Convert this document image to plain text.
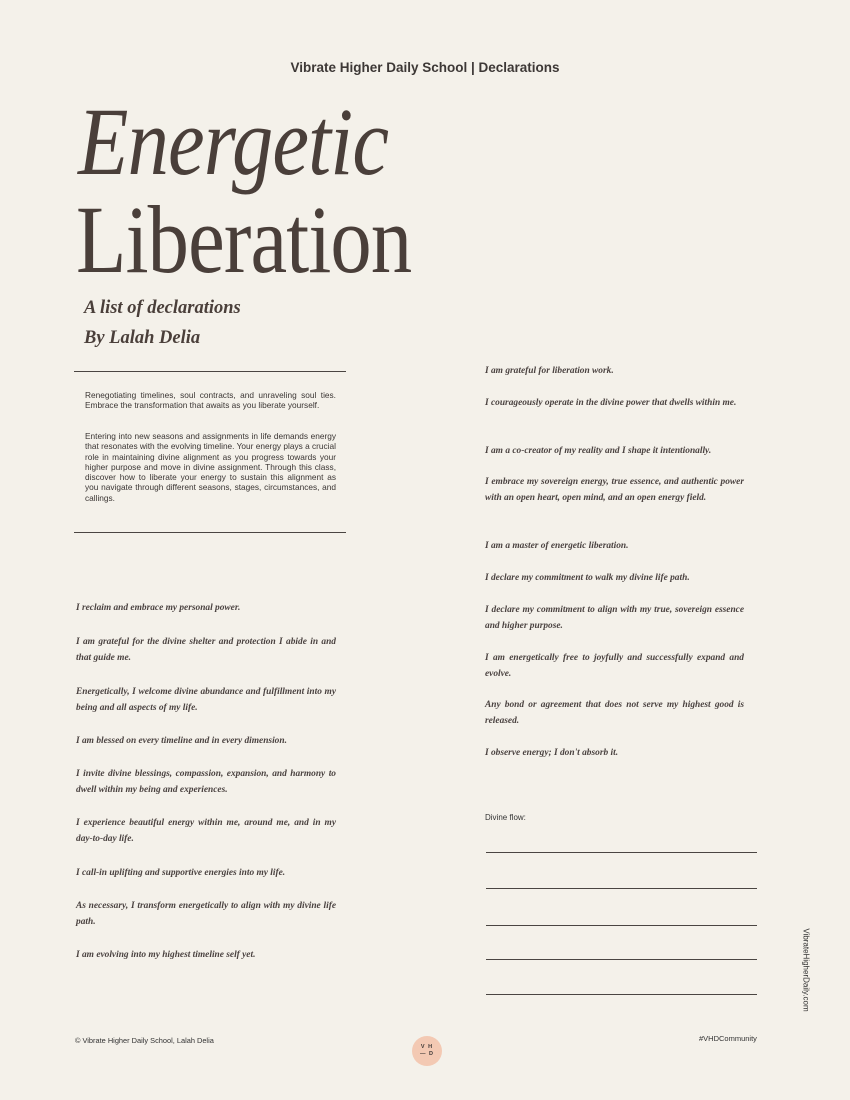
Vibrate Higher Daily School | Declarations
Energetic
Liberation
A list of declarations
By Lalah Delia
Renegotiating timelines, soul contracts, and unraveling soul ties. Embrace the transformation that awaits as you liberate yourself.
Entering into new seasons and assignments in life demands energy that resonates with the evolving timeline. Your energy plays a crucial role in maintaining divine alignment as you progress towards your higher purpose and move in divine assignment. Through this class, discover how to liberate your energy to sustain this alignment as you navigate through different seasons, stages, circumstances, and callings.
I reclaim and embrace my personal power.
I am grateful for the divine shelter and protection I abide in and that guide me.
Energetically, I welcome divine abundance and fulfillment into my being and all aspects of my life.
I am blessed on every timeline and in every dimension.
I invite divine blessings, compassion, expansion, and harmony to dwell within my being and experiences.
I experience beautiful energy within me, around me, and in my day-to-day life.
I call-in uplifting and supportive energies into my life.
As necessary, I transform energetically to align with my divine life path.
I am evolving into my highest timeline self yet.
I am grateful for liberation work.
I courageously operate in the divine power that dwells within me.
I am a co-creator of my reality and I shape it intentionally.
I embrace my sovereign energy, true essence, and authentic power with an open heart, open mind, and an open energy field.
I am a master of energetic liberation.
I declare my commitment to walk my divine life path.
I declare my commitment to align with my true, sovereign essence and higher purpose.
I am energetically free to joyfully and successfully expand and evolve.
Any bond or agreement that does not serve my highest good is released.
I observe energy; I don't absorb it.
Divine flow:
VibrateHigherDaily.com
© Vibrate Higher Daily School, Lalah Delia
V H
— D
#VHDCommunity
